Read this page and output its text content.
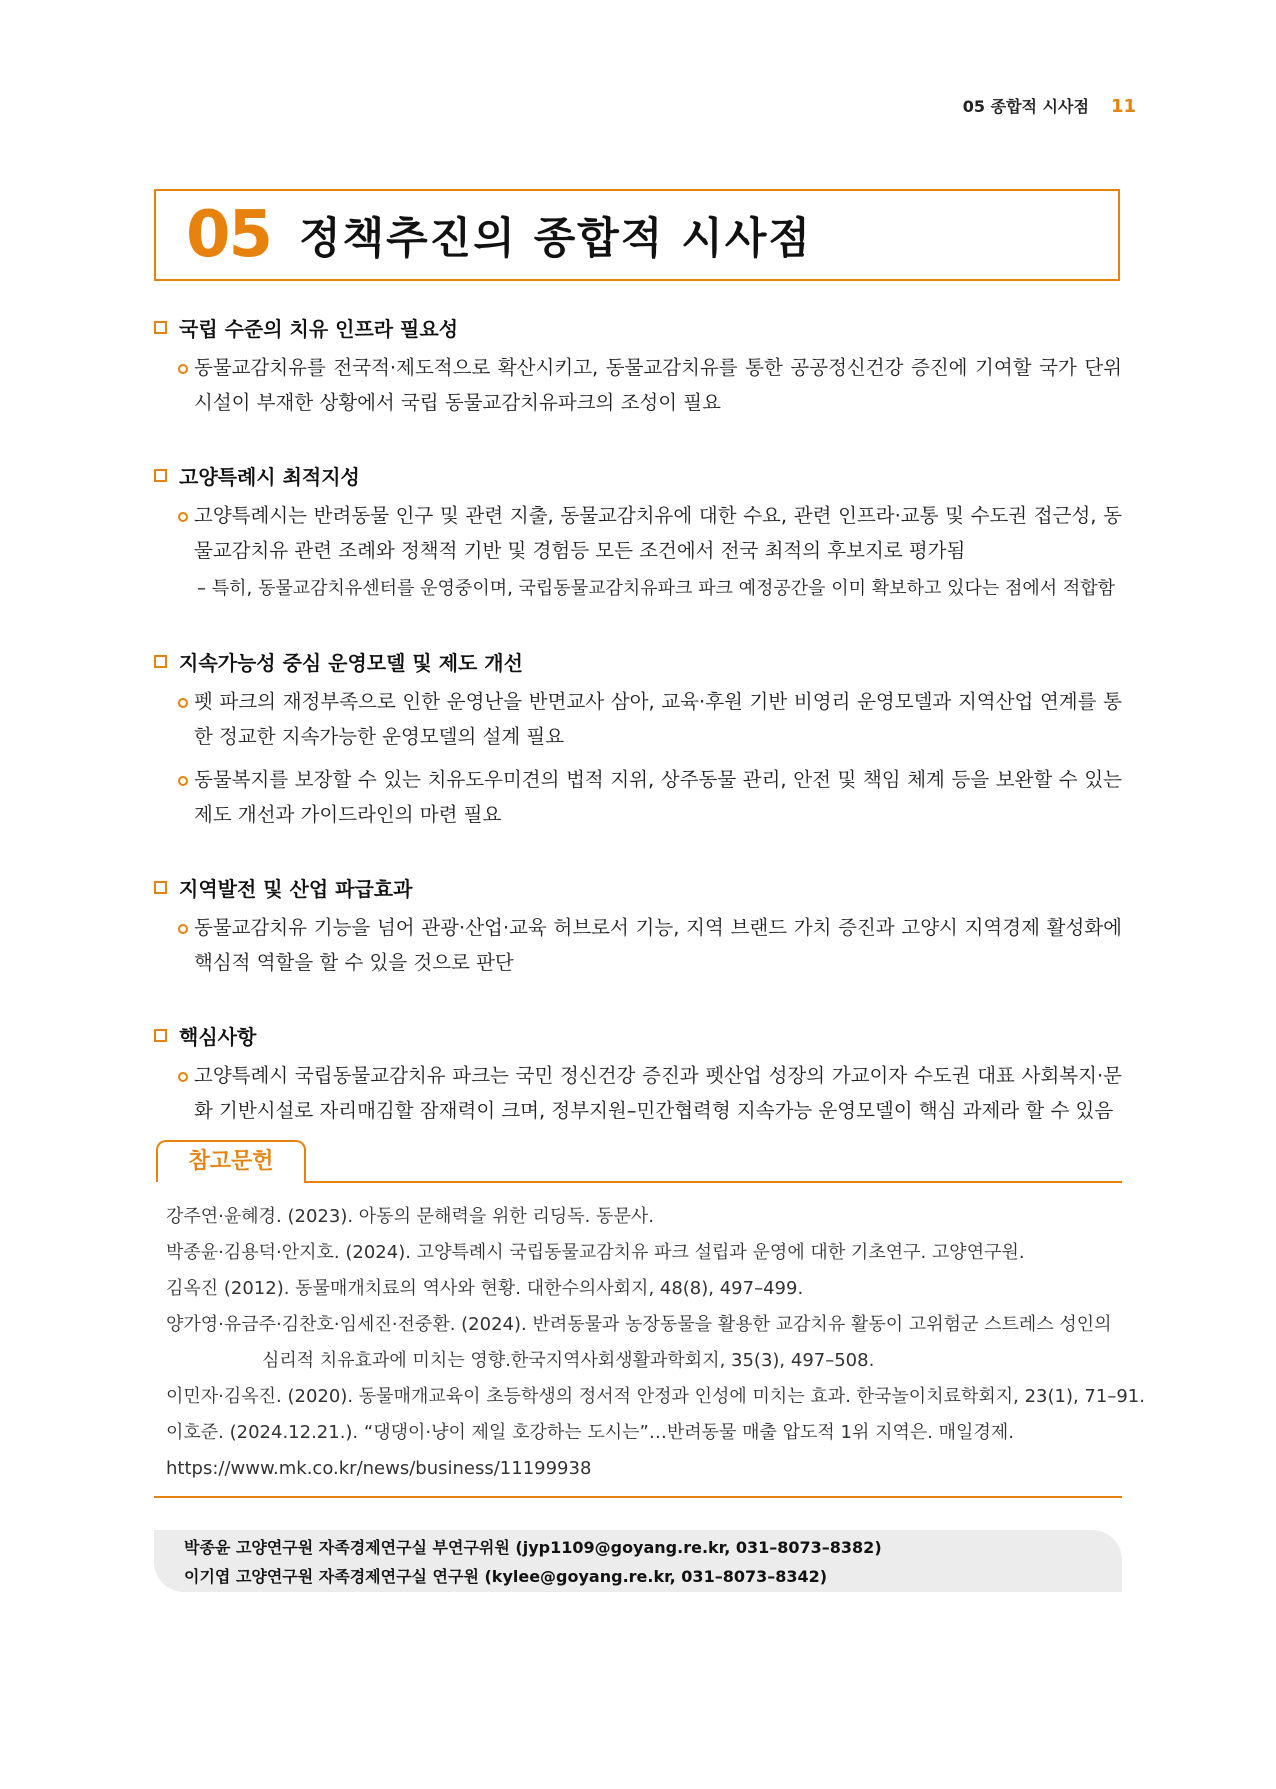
05 종합적 시사점 11
05 정책추진의 종합적 시사점
국립 수준의 치유 인프라 필요성
동물교감치유를 전국적·제도적으로 확산시키고, 동물교감치유를 통한 공공정신건강 증진에 기여할 국가 단위 시설이 부재한 상황에서 국립 동물교감치유파크의 조성이 필요
고양특례시 최적지성
고양특례시는 반려동물 인구 및 관련 지출, 동물교감치유에 대한 수요, 관련 인프라·교통 및 수도권 접근성, 동물교감치유 관련 조례와 정책적 기반 및 경험등 모든 조건에서 전국 최적의 후보지로 평가됨
– 특히, 동물교감치유센터를 운영중이며, 국립동물교감치유파크 파크 예정공간을 이미 확보하고 있다는 점에서 적합함
지속가능성 중심 운영모델 및 제도 개선
펫 파크의 재정부족으로 인한 운영난을 반면교사 삼아, 교육·후원 기반 비영리 운영모델과 지역산업 연계를 통한 정교한 지속가능한 운영모델의 설계 필요
동물복지를 보장할 수 있는 치유도우미견의 법적 지위, 상주동물 관리, 안전 및 책임 체계 등을 보완할 수 있는 제도 개선과 가이드라인의 마련 필요
지역발전 및 산업 파급효과
동물교감치유 기능을 넘어 관광·산업·교육 허브로서 기능, 지역 브랜드 가치 증진과 고양시 지역경제 활성화에 핵심적 역할을 할 수 있을 것으로 판단
핵심사항
고양특례시 국립동물교감치유 파크는 국민 정신건강 증진과 펫산업 성장의 가교이자 수도권 대표 사회복지·문화 기반시설로 자리매김할 잠재력이 크며, 정부지원–민간협력형 지속가능 운영모델이 핵심 과제라 할 수 있음
참고문헌
강주연·윤혜경. (2023). 아동의 문해력을 위한 리딩독. 동문사.
박종윤·김용덕·안지호. (2024). 고양특례시 국립동물교감치유 파크 설립과 운영에 대한 기초연구. 고양연구원.
김옥진 (2012). 동물매개치료의 역사와 현황. 대한수의사회지, 48(8), 497–499.
양가영·유금주·김찬호·임세진·전중환. (2024). 반려동물과 농장동물을 활용한 교감치유 활동이 고위험군 스트레스 성인의
심리적 치유효과에 미치는 영향.한국지역사회생활과학회지, 35(3), 497–508.
이민자·김옥진. (2020). 동물매개교육이 초등학생의 정서적 안정과 인성에 미치는 효과. 한국놀이치료학회지, 23(1), 71–91.
이호준. (2024.12.21.). “댕댕이·냥이 제일 호강하는 도시는”…반려동물 매출 압도적 1위 지역은. 매일경제.
https://www.mk.co.kr/news/business/11199938
박종윤 고양연구원 자족경제연구실 부연구위원 (jyp1109@goyang.re.kr, 031–8073–8382)
이기엽 고양연구원 자족경제연구실 연구원 (kylee@goyang.re.kr, 031–8073–8342)
